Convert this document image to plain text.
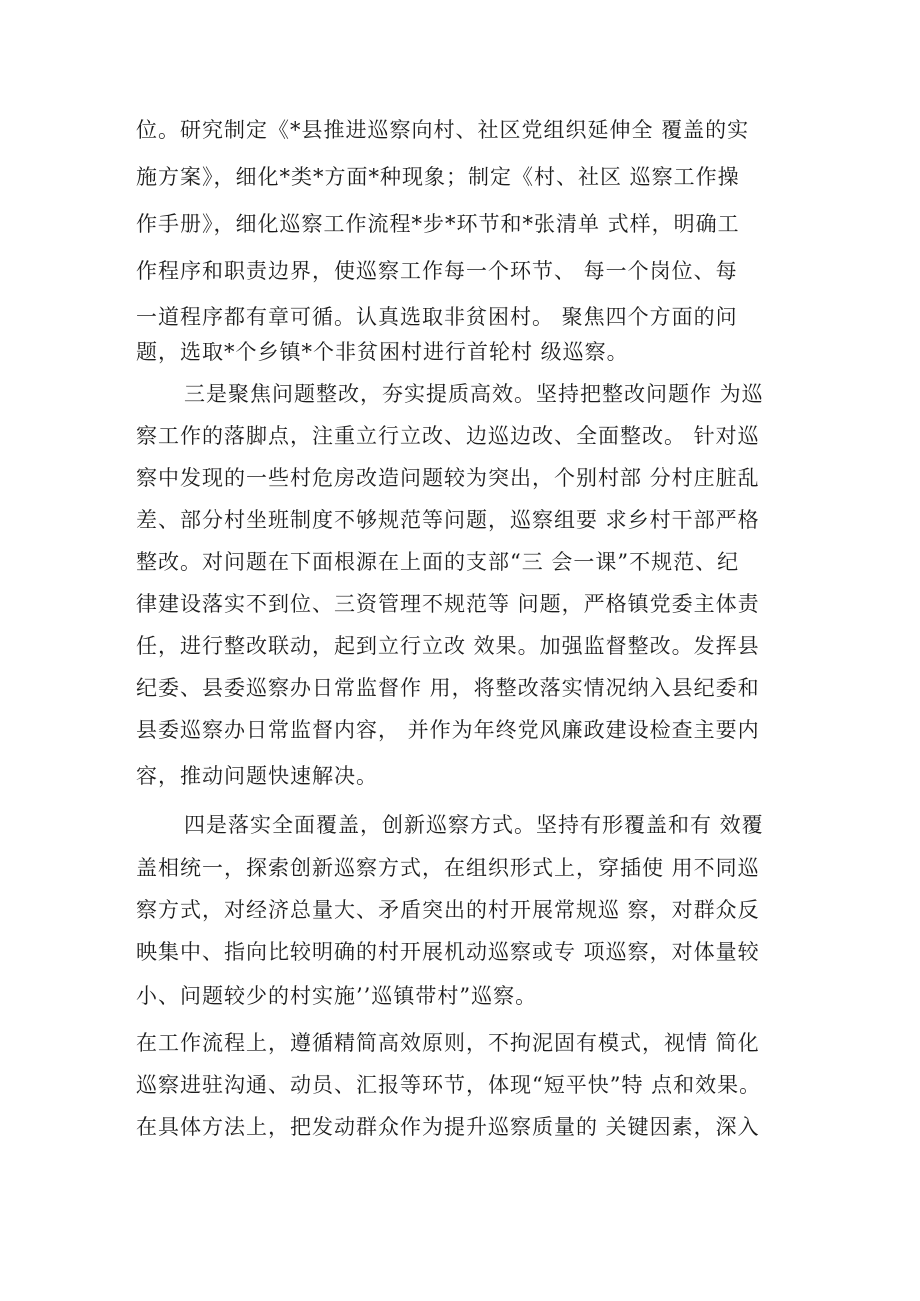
位。研究制定《*县推进巡察向村、社区党组织延伸全 覆盖的实
施方案》，细化*类*方面*种现象；制定《村、社区 巡察工作操
作手册》，细化巡察工作流程*步*环节和*张清单 式样，明确工
作程序和职责边界，使巡察工作每一个环节、 每一个岗位、每
一道程序都有章可循。认真选取非贫困村。 聚焦四个方面的问
题，选取*个乡镇*个非贫困村进行首轮村 级巡察。
三是聚焦问题整改，夯实提质高效。坚持把整改问题作 为巡
察工作的落脚点，注重立行立改、边巡边改、全面整改。 针对巡
察中发现的一些村危房改造问题较为突出，个别村部 分村庄脏乱
差、部分村坐班制度不够规范等问题，巡察组要 求乡村干部严格
整改。对问题在下面根源在上面的支部“三 会一课”不规范、纪
律建设落实不到位、三资管理不规范等 问题，严格镇党委主体责
任，进行整改联动，起到立行立改 效果。加强监督整改。发挥县
纪委、县委巡察办日常监督作 用，将整改落实情况纳入县纪委和
县委巡察办日常监督内容， 并作为年终党风廉政建设检查主要内
容，推动问题快速解决。
四是落实全面覆盖，创新巡察方式。坚持有形覆盖和有 效覆
盖相统一，探索创新巡察方式，在组织形式上，穿插使 用不同巡
察方式，对经济总量大、矛盾突出的村开展常规巡 察，对群众反
映集中、指向比较明确的村开展机动巡察或专 项巡察，对体量较
小、问题较少的村实施’’巡镇带村”巡察。
在工作流程上，遵循精简高效原则，不拘泥固有模式，视情 简化
巡察进驻沟通、动员、汇报等环节，体现“短平快”特 点和效果。
在具体方法上，把发动群众作为提升巡察质量的 关键因素，深入
